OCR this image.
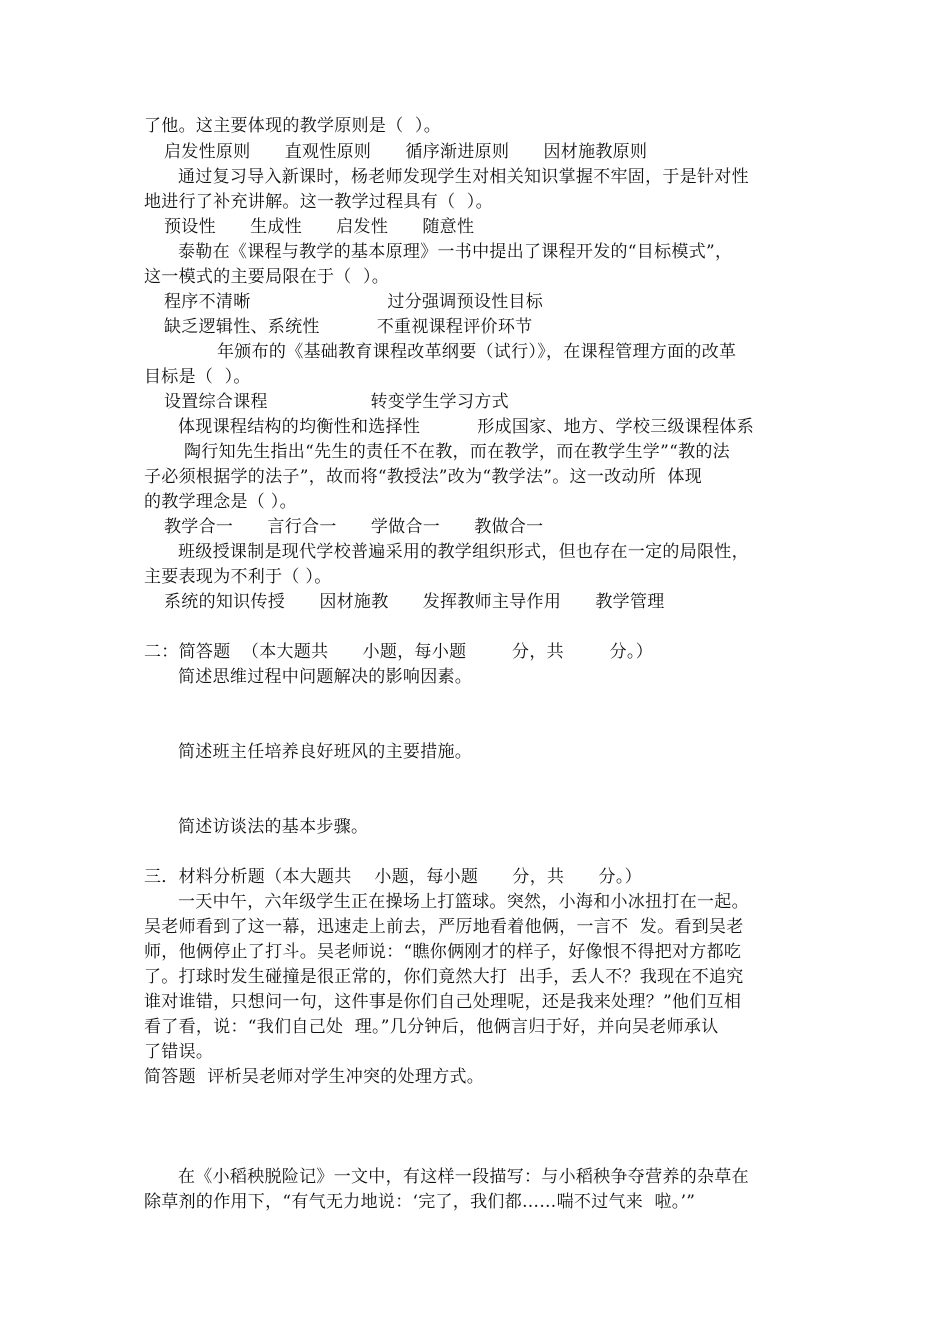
了他。这主要体现的教学原则是（  ）。
启发性原则      直观性原则      循序渐进原则      因材施教原则
通过复习导入新课时，杨老师发现学生对相关知识掌握不牢固，于是针对性
地进行了补充讲解。这一教学过程具有（  ）。
预设性      生成性      启发性      随意性
泰勒在《课程与教学的基本原理》一书中提出了课程开发的“目标模式”，
这一模式的主要局限在于（  ）。
程序不清晰                        过分强调预设性目标
缺乏逻辑性、系统性          不重视课程评价环节
年颁布的《基础教育课程改革纲要（试行）》，在课程管理方面的改革
目标是（  ）。
设置综合课程                  转变学生学习方式
体现课程结构的均衡性和选择性          形成国家、地方、学校三级课程体系
陶行知先生指出“先生的责任不在教，而在教学，而在教学生学”“教的法
子必须根据学的法子”，故而将“教授法”改为“教学法”。这一改动所  体现
的教学理念是（ ）。
教学合一      言行合一      学做合一      教做合一
班级授课制是现代学校普遍采用的教学组织形式，但也存在一定的局限性，
主要表现为不利于（ ）。
系统的知识传授      因材施教      发挥教师主导作用      教学管理
二：简答题  （本大题共      小题，每小题        分，共        分。）
简述思维过程中问题解决的影响因素。
简述班主任培养良好班风的主要措施。
简述访谈法的基本步骤。
三．材料分析题（本大题共    小题，每小题      分，共      分。）
一天中午，六年级学生正在操场上打篮球。突然，小海和小冰扭打在一起。
吴老师看到了这一幕，迅速走上前去，严厉地看着他俩，一言不  发。看到吴老
师，他俩停止了打斗。吴老师说：“瞧你俩刚才的样子，好像恨不得把对方都吃
了。打球时发生碰撞是很正常的，你们竟然大打  出手，丢人不？我现在不追究
谁对谁错，只想问一句，这件事是你们自己处理呢，还是我来处理？”他们互相
看了看，说：“我们自己处  理。”几分钟后，他俩言归于好，并向吴老师承认
了错误。
简答题  评析吴老师对学生冲突的处理方式。
在《小稻秧脱险记》一文中，有这样一段描写：与小稻秧争夺营养的杂草在
除草剂的作用下，“有气无力地说：‘完了，我们都……喘不过气来  啦。’”
